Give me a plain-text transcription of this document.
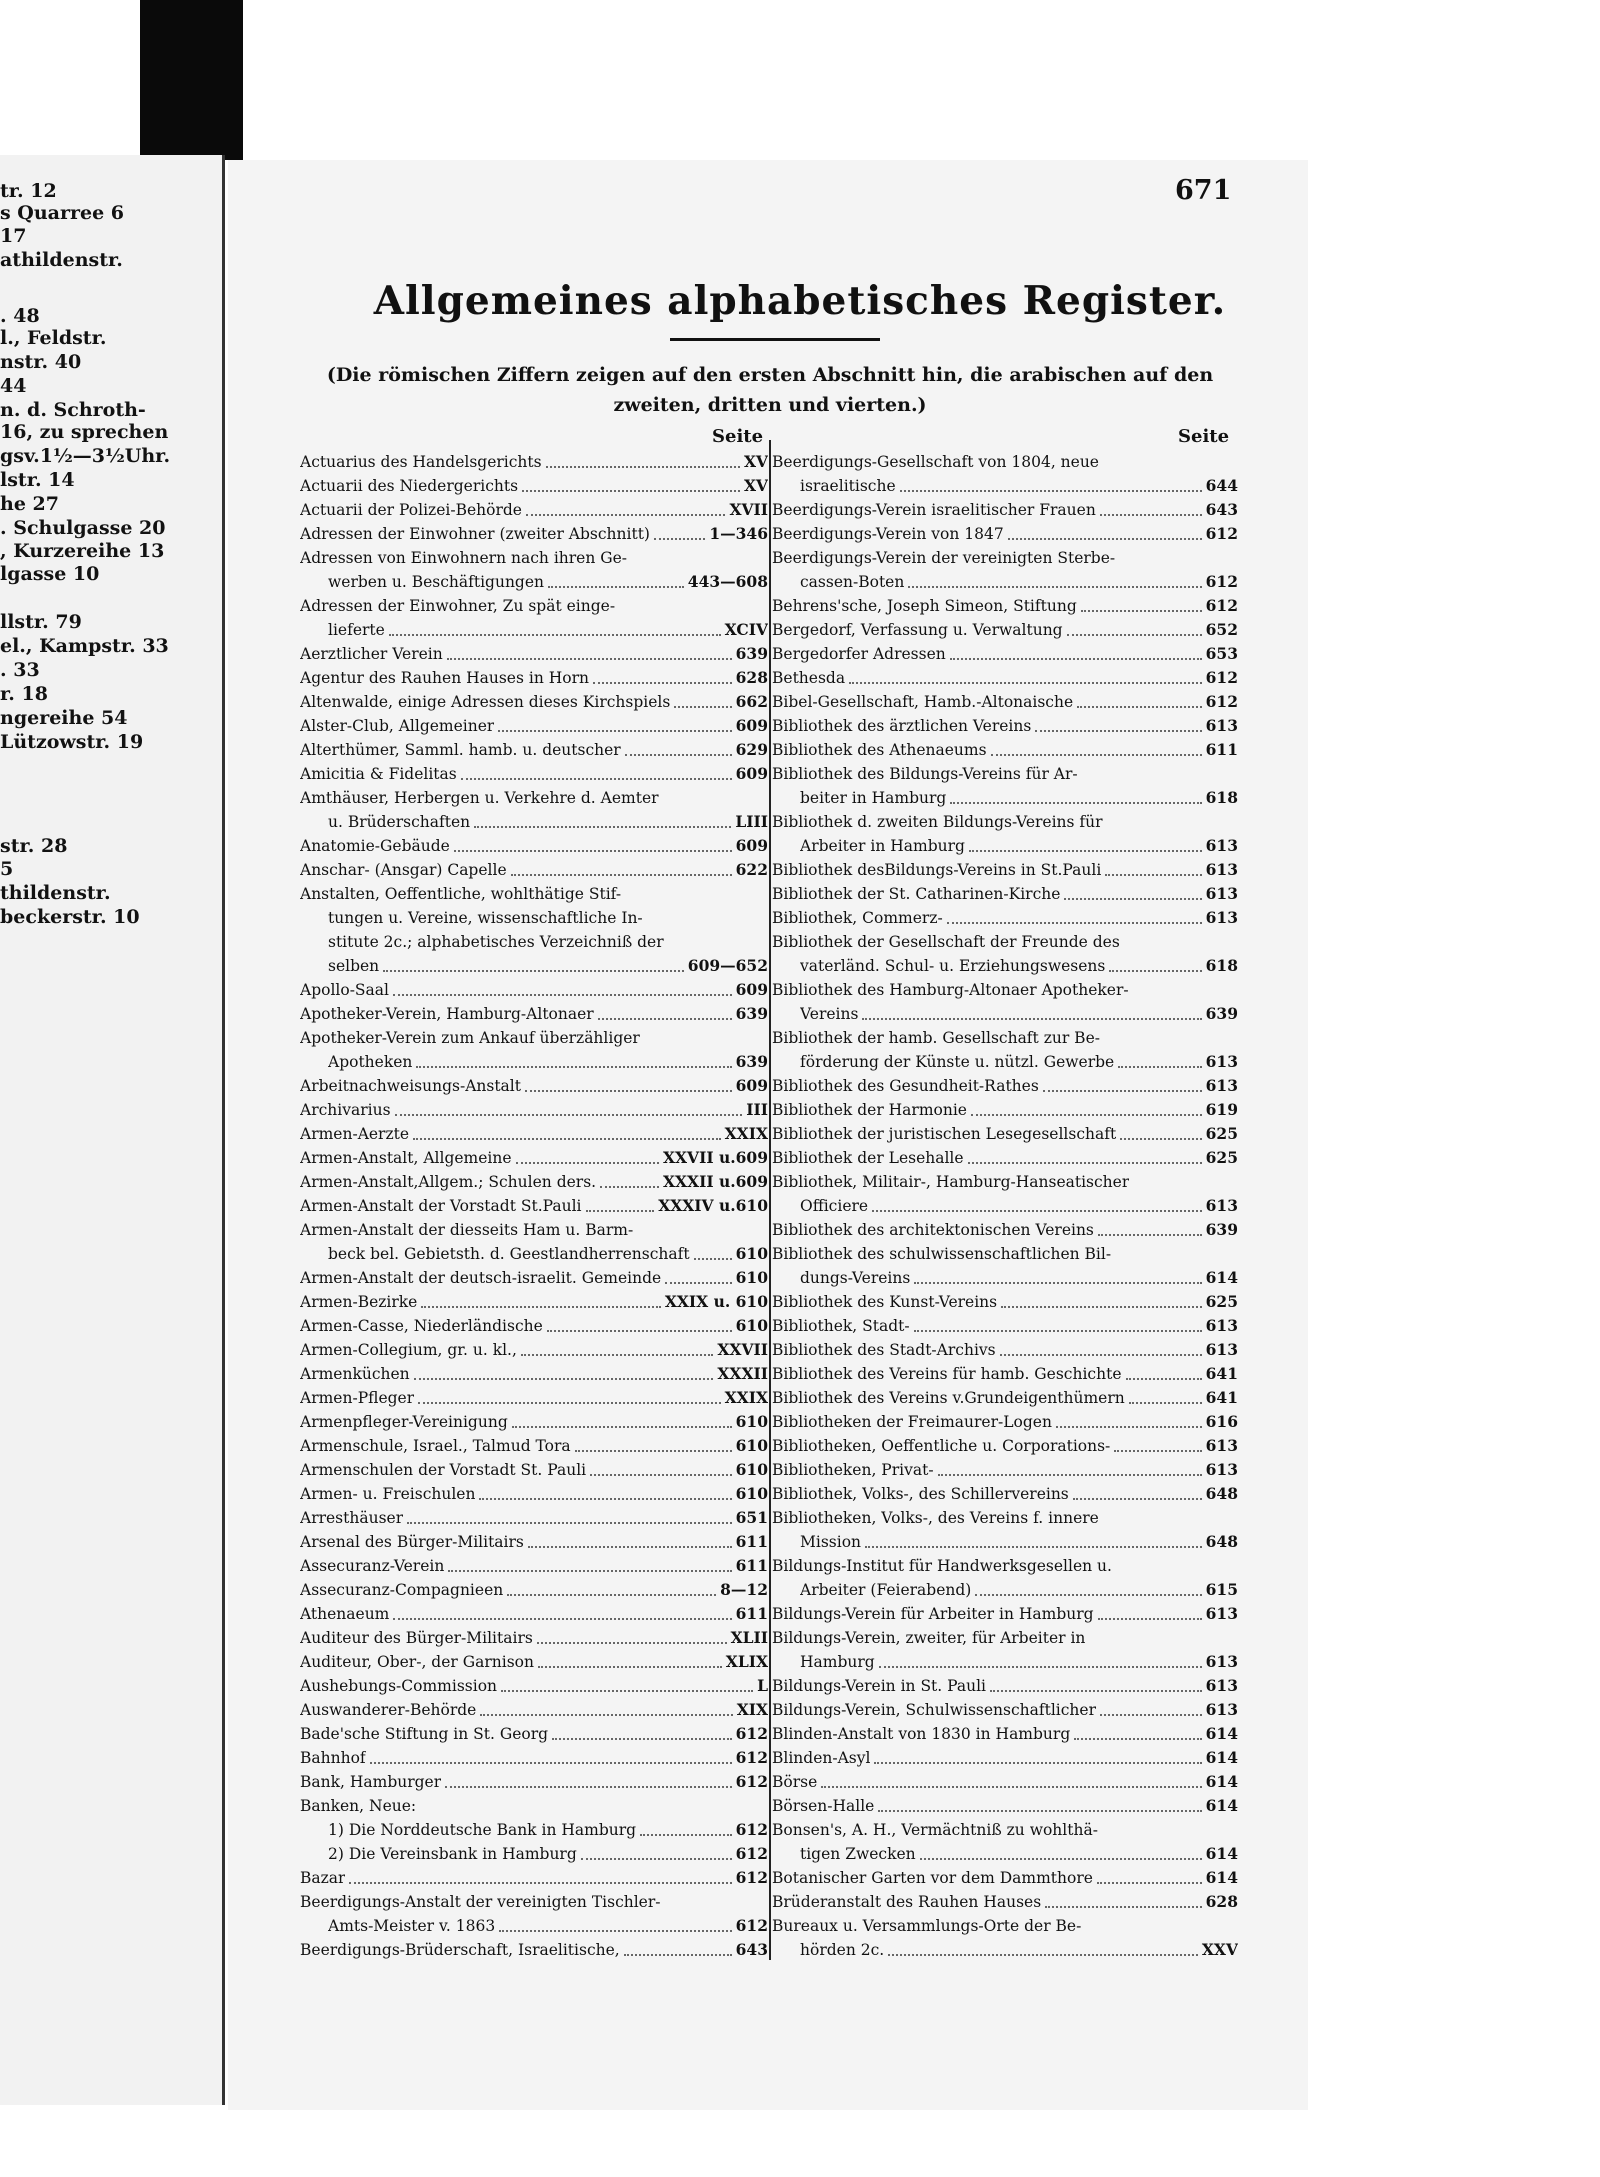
tr. 12
s Quarree 6
17
athildenstr.
. 48
l., Feldstr.
nstr. 40
44
n. d. Schroth-
16, zu sprechen
gsv.1½—3½Uhr.
lstr. 14
he 27
. Schulgasse 20
, Kurzereihe 13
lgasse 10
llstr. 79
el., Kampstr. 33
. 33
r. 18
ngereihe 54
Lützowstr. 19
str. 28
5
thildenstr.
beckerstr. 10
671
Allgemeines alphabetisches Register.
(Die römischen Ziffern zeigen auf den ersten Abschnitt hin, die arabischen auf den zweiten, dritten und vierten.)
Seite	Seite
Actuarius des Handelsgerichts	XV
Actuarii des Niedergerichts	XV
Actuarii der Polizei-Behörde	XVII
Adressen der Einwohner (zweiter Abschnitt)	1—346
Adressen von Einwohnern nach ihren Ge-
werben u. Beschäftigungen	443—608
Adressen der Einwohner, Zu spät einge-
lieferte	XCIV
Aerztlicher Verein	639
Agentur des Rauhen Hauses in Horn	628
Altenwalde, einige Adressen dieses Kirchspiels	662
Alster-Club, Allgemeiner	609
Alterthümer, Samml. hamb. u. deutscher	629
Amicitia & Fidelitas	609
Amthäuser, Herbergen u. Verkehre d. Aemter
u. Brüderschaften	LIII
Anatomie-Gebäude	609
Anschar- (Ansgar) Capelle	622
Anstalten, Oeffentliche, wohlthätige Stif-
tungen u. Vereine, wissenschaftliche In-
stitute 2c.; alphabetisches Verzeichniß der
selben	609—652
Apollo-Saal	609
Apotheker-Verein, Hamburg-Altonaer	639
Apotheker-Verein zum Ankauf überzähliger
Apotheken	639
Arbeitnachweisungs-Anstalt	609
Archivarius	III
Armen-Aerzte	XXIX
Armen-Anstalt, Allgemeine	XXVII u.609
Armen-Anstalt,Allgem.; Schulen ders.	XXXII u.609
Armen-Anstalt der Vorstadt St.Pauli	XXXIV u.610
Armen-Anstalt der diesseits Ham u. Barm-
beck bel. Gebietsth. d. Geestlandherrenschaft	610
Armen-Anstalt der deutsch-israelit. Gemeinde	610
Armen-Bezirke	XXIX u. 610
Armen-Casse, Niederländische	610
Armen-Collegium, gr. u. kl.,	XXVII
Armenküchen	XXXII
Armen-Pfleger	XXIX
Armenpfleger-Vereinigung	610
Armenschule, Israel., Talmud Tora	610
Armenschulen der Vorstadt St. Pauli	610
Armen- u. Freischulen	610
Arresthäuser	651
Arsenal des Bürger-Militairs	611
Assecuranz-Verein	611
Assecuranz-Compagnieen	8—12
Athenaeum	611
Auditeur des Bürger-Militairs	XLII
Auditeur, Ober-, der Garnison	XLIX
Aushebungs-Commission	L
Auswanderer-Behörde	XIX
Bade'sche Stiftung in St. Georg	612
Bahnhof	612
Bank, Hamburger	612
Banken, Neue:
1) Die Norddeutsche Bank in Hamburg	612
2) Die Vereinsbank in Hamburg	612
Bazar	612
Beerdigungs-Anstalt der vereinigten Tischler-
Amts-Meister v. 1863	612
Beerdigungs-Brüderschaft, Israelitische,	643
Beerdigungs-Gesellschaft von 1804, neue
israelitische	644
Beerdigungs-Verein israelitischer Frauen	643
Beerdigungs-Verein von 1847	612
Beerdigungs-Verein der vereinigten Sterbe-
cassen-Boten	612
Behrens'sche, Joseph Simeon, Stiftung	612
Bergedorf, Verfassung u. Verwaltung	652
Bergedorfer Adressen	653
Bethesda	612
Bibel-Gesellschaft, Hamb.-Altonaische	612
Bibliothek des ärztlichen Vereins	613
Bibliothek des Athenaeums	611
Bibliothek des Bildungs-Vereins für Ar-
beiter in Hamburg	618
Bibliothek d. zweiten Bildungs-Vereins für
Arbeiter in Hamburg	613
Bibliothek desBildungs-Vereins in St.Pauli	613
Bibliothek der St. Catharinen-Kirche	613
Bibliothek, Commerz-	613
Bibliothek der Gesellschaft der Freunde des
vaterländ. Schul- u. Erziehungswesens	618
Bibliothek des Hamburg-Altonaer Apotheker-
Vereins	639
Bibliothek der hamb. Gesellschaft zur Be-
förderung der Künste u. nützl. Gewerbe	613
Bibliothek des Gesundheit-Rathes	613
Bibliothek der Harmonie	619
Bibliothek der juristischen Lesegesellschaft	625
Bibliothek der Lesehalle	625
Bibliothek, Militair-, Hamburg-Hanseatischer
Officiere	613
Bibliothek des architektonischen Vereins	639
Bibliothek des schulwissenschaftlichen Bil-
dungs-Vereins	614
Bibliothek des Kunst-Vereins	625
Bibliothek, Stadt-	613
Bibliothek des Stadt-Archivs	613
Bibliothek des Vereins für hamb. Geschichte	641
Bibliothek des Vereins v.Grundeigenthümern	641
Bibliotheken der Freimaurer-Logen	616
Bibliotheken, Oeffentliche u. Corporations-	613
Bibliotheken, Privat-	613
Bibliothek, Volks-, des Schillervereins	648
Bibliotheken, Volks-, des Vereins f. innere
Mission	648
Bildungs-Institut für Handwerksgesellen u.
Arbeiter (Feierabend)	615
Bildungs-Verein für Arbeiter in Hamburg	613
Bildungs-Verein, zweiter, für Arbeiter in
Hamburg	613
Bildungs-Verein in St. Pauli	613
Bildungs-Verein, Schulwissenschaftlicher	613
Blinden-Anstalt von 1830 in Hamburg	614
Blinden-Asyl	614
Börse	614
Börsen-Halle	614
Bonsen's, A. H., Vermächtniß zu wohlthä-
tigen Zwecken	614
Botanischer Garten vor dem Dammthore	614
Brüderanstalt des Rauhen Hauses	628
Bureaux u. Versammlungs-Orte der Be-
hörden 2c.	XXV
